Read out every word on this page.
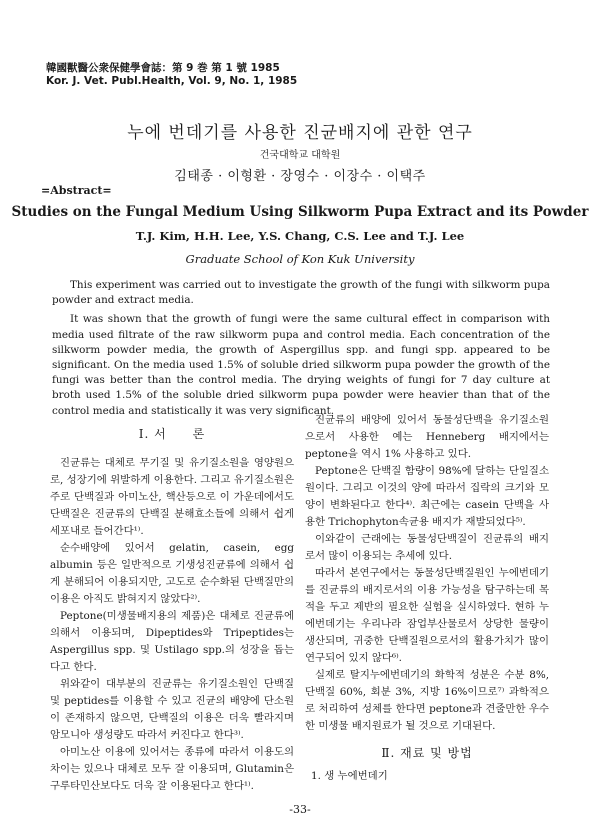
韓國獸醫公衆保健學會誌：第 9 巻 第 1 號 1985
Kor. J. Vet. Publ.Health, Vol. 9, No. 1, 1985
누에 번데기를 사용한 진균배지에 관한 연구
건국대학교 대학원
김태종 · 이형환 · 장영수 · 이장수 · 이택주
=Abstract=
Studies on the Fungal Medium Using Silkworm Pupa Extract and its Powder
T.J. Kim, H.H. Lee, Y.S. Chang, C.S. Lee and T.J. Lee
Graduate School of Kon Kuk University

This experiment was carried out to investigate the growth of the fungi with silkworm pupa powder and extract media.

It was shown that the growth of fungi were the same cultural effect in comparison with media used filtrate of the raw silkworm pupa and control media. Each concentration of the silkworm powder media, the growth of Aspergillus spp. and fungi spp. appeared to be significant. On the media used 1.5% of soluble dried silkworm pupa powder the growth of the fungi was better than the control media. The drying weights of fungi for 7 day culture at broth used 1.5% of the soluble dried silkworm pupa powder were heavier than that of the control media and statistically it was very significant.

Ⅰ. 서　　론

진균류는 대체로 무기질 및 유기질소원을 영양원으로, 성장기에 위발하게 이용한다. 그리고 유기질소원은 주로 단백질과 아미노산, 핵산등으로 이 가운데에서도 단백질은 진균류의 단백질 분해효소들에 의해서 쉽게 세포내로 들어간다¹⁾.

순수배양에 있어서 gelatin, casein, egg albumin 등은 일반적으로 기생성진균류에 의해서 쉽게 분해되어 이용되지만, 고도로 순수화된 단백질만의 이용은 아직도 밝혀지지 않았다²⁾.

Peptone(미생물배지용의 제품)은 대체로 진균류에 의해서 이용되며, Dipeptides와 Tripeptides는 Aspergillus spp. 및 Ustilago spp.의 성장을 돕는다고 한다.

위와같이 대부분의 진균류는 유기질소원인 단백질 및 peptides를 이용할 수 있고 진균의 배양에 단소원이 존재하지 않으면, 단백질의 이용은 더욱 빨라지며 암모니아 생성량도 따라서 커진다고 한다³⁾.

아미노산 이용에 있어서는 종류에 따라서 이용도의 차이는 있으나 대체로 모두 잘 이용되며, Glutamin은 구루타민산보다도 더욱 잘 이용된다고 한다¹⁾.

진균류의 배양에 있어서 동물성단백을 유기질소원으로서 사용한 예는 Henneberg 배지에서는 peptone을 역시 1% 사용하고 있다.

Peptone은 단백질 함량이 98%에 달하는 단일질소원이다. 그리고 이것의 양에 따라서 집락의 크기와 모양이 변화된다고 한다⁴⁾. 최근에는 casein 단백을 사용한 Trichophyton속균용 배지가 재발되었다⁵⁾.

이와같이 근래에는 동물성단백질이 진균류의 배지로서 많이 이용되는 추세에 있다.

따라서 본연구에서는 동물성단백질원인 누에번데기를 진균류의 배지로서의 이용 가능성을 탐구하는데 목적을 두고 제반의 필요한 실험을 실시하였다. 현하 누에번데기는 우리나라 잠업부산물로서 상당한 물량이 생산되며, 귀중한 단백질원으로서의 활용가치가 많이 연구되어 있지 않다⁶⁾.

실제로 탈지누에번데기의 화학적 성분은 수분 8%, 단백질 60%, 회분 3%, 지방 16%이므로⁷⁾ 과학적으로 처리하여 성체를 한다면 peptone과 견줄만한 우수한 미생물 배지원료가 될 것으로 기대된다.

Ⅱ. 재료 및 방법
1. 생 누에번데기
-33-
